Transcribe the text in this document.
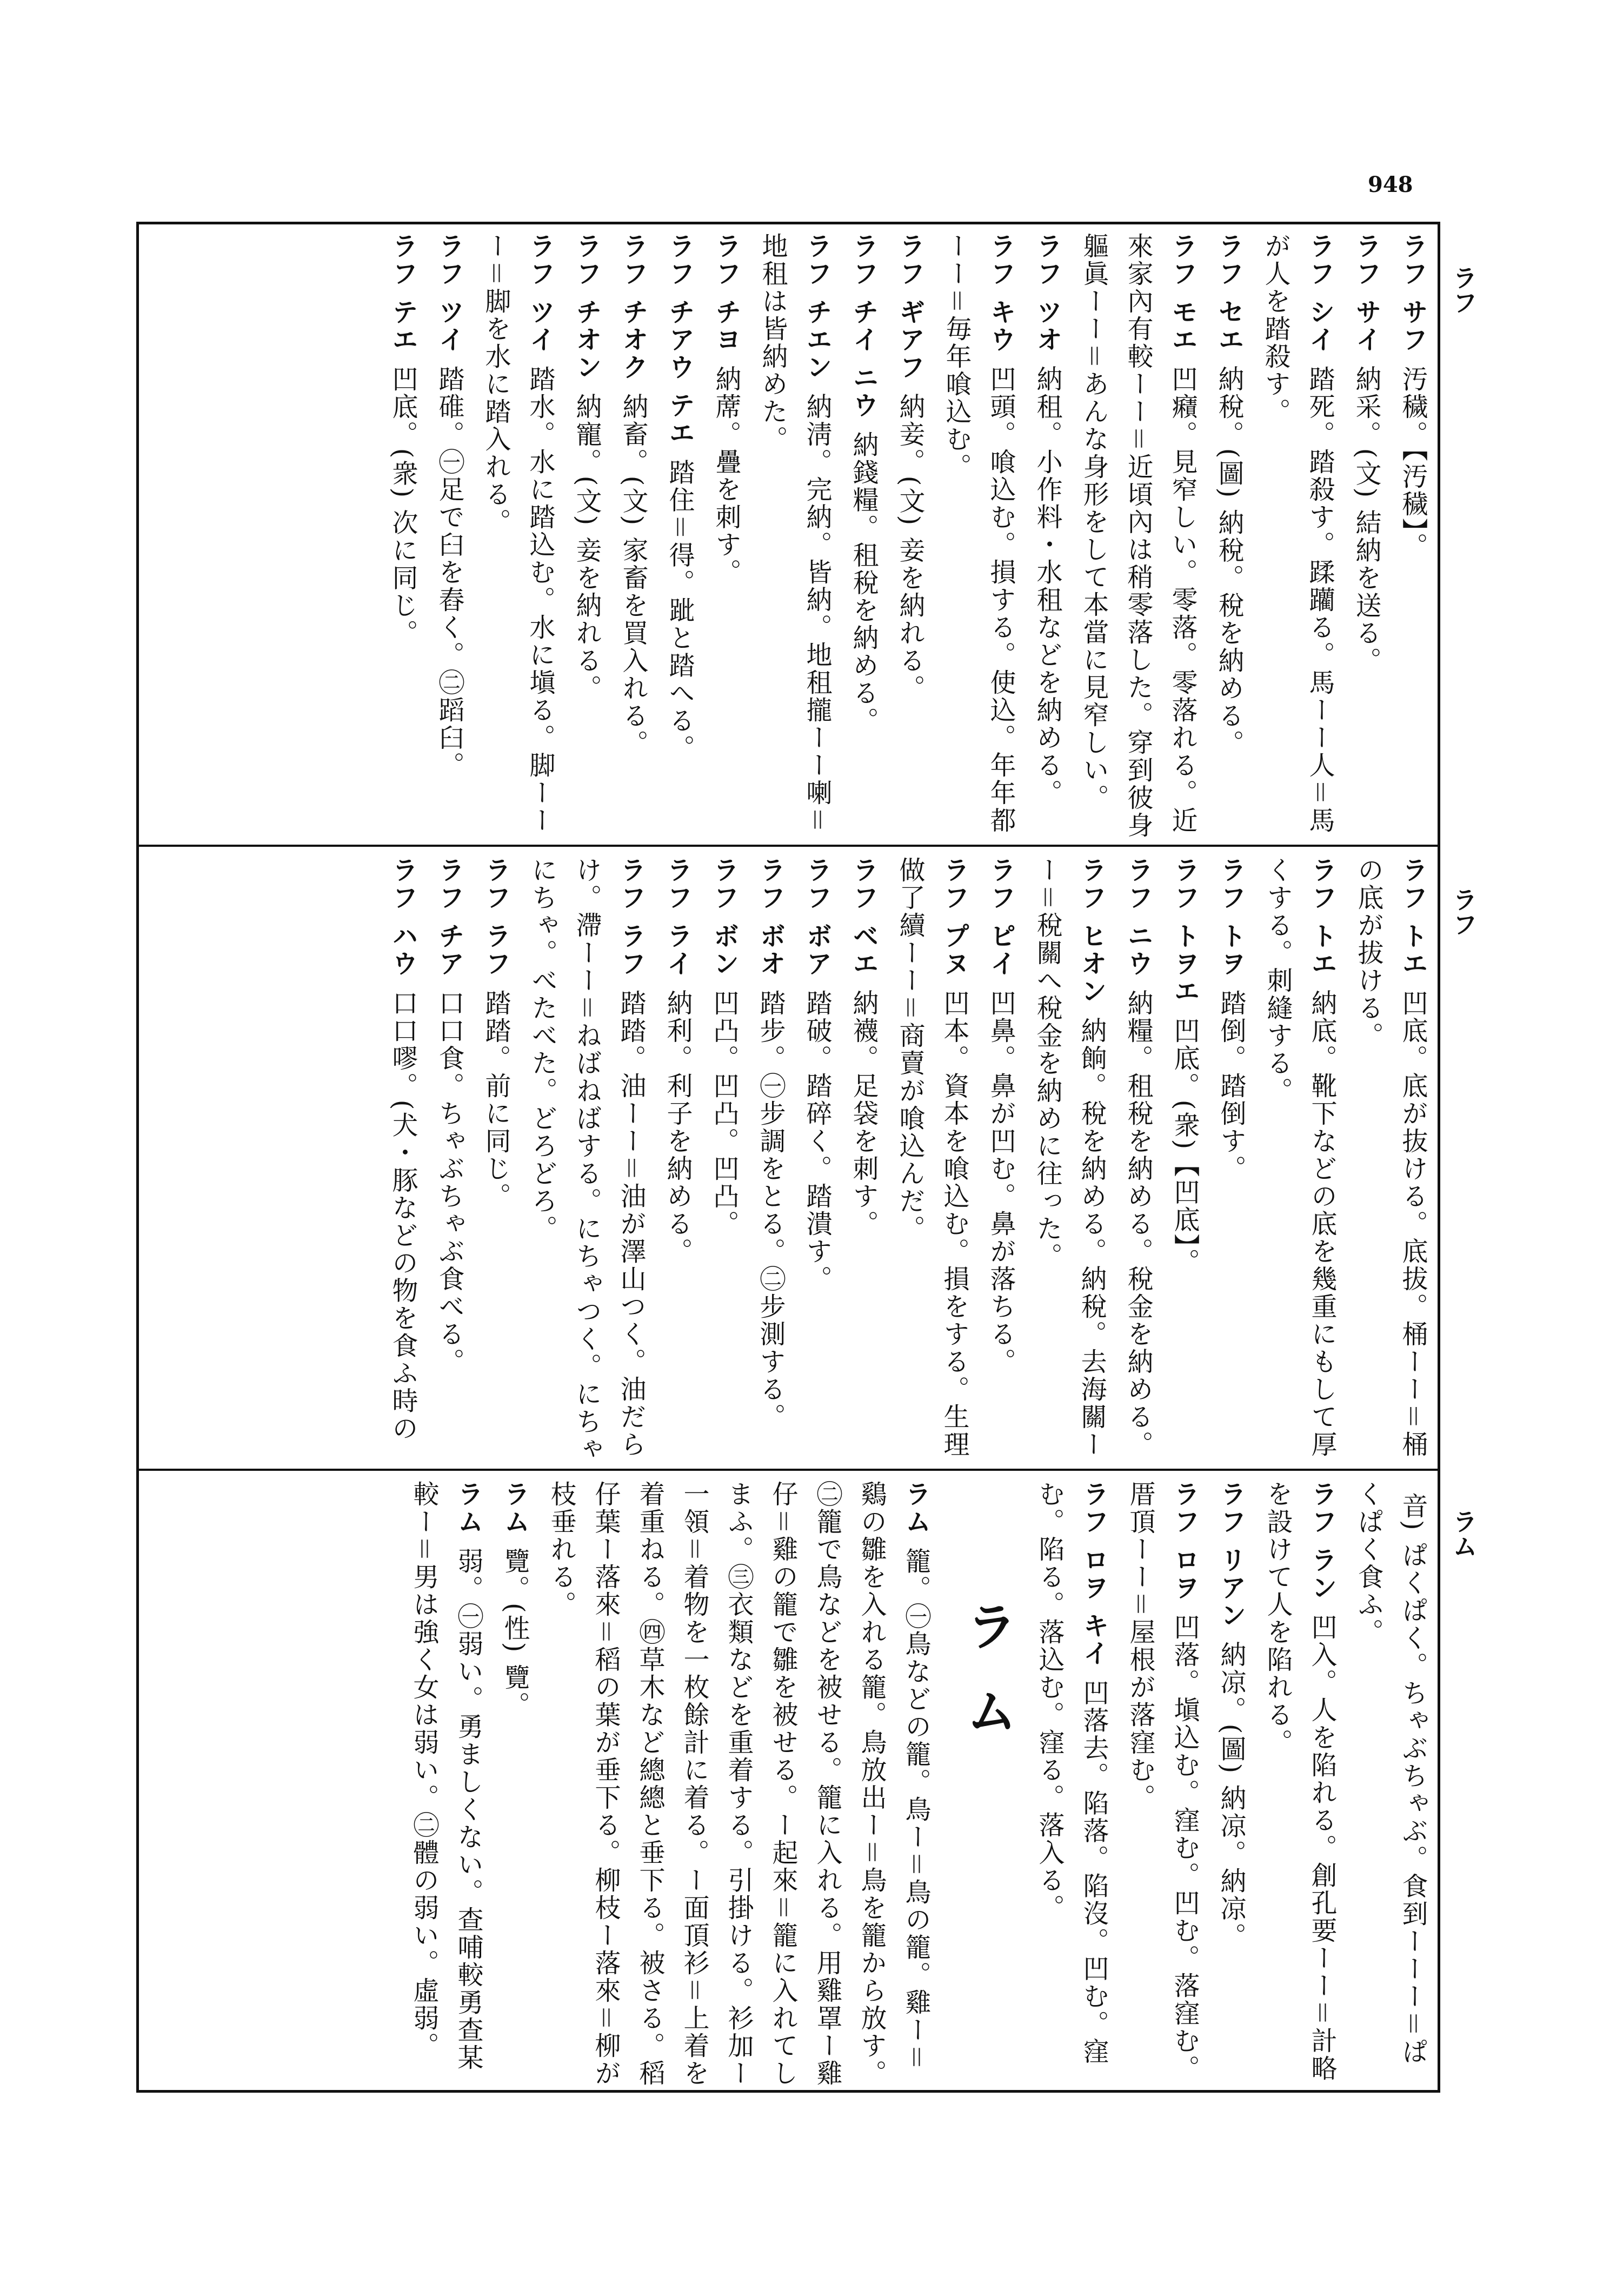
948
ラフ
ラフ
ラム
ラフ サフ汚穢。【汚穢】。
ラフ サイ納采。(文) 結納を送る。
ラフ シイ踏死。踏殺す。蹂躪る。馬ーー人＝馬が人を踏殺す。
ラフ セエ納稅。(圖) 納稅。稅を納める。
ラフ モエ凹癪。見窄しい。零落。零落れる。近來家內有較ーー＝近頃內は稍零落した。穿到彼身軀眞ーー＝あんな身形をして本當に見窄しい。
ラフ ツオ納租。小作料・水租などを納める。
ラフ キウ凹頭。喰込む。損する。使込。年年都ーー＝毎年喰込む。
ラフ ギアフ納妾。(文) 妾を納れる。
ラフ チイ ニウ納錢糧。租稅を納める。
ラフ チエン納淸。完納。皆納。地租攏ーー喇＝地租は皆納めた。
ラフ チヨ納蓆。疊を刺す。
ラフ チアウ テエ踏住＝得。跐と踏へる。
ラフ チオク納畜。(文) 家畜を買入れる。
ラフ チオン納寵。(文) 妾を納れる。
ラフ ツイ踏水。水に踏込む。水に塡る。脚ーーー＝脚を水に踏入れる。
ラフ ツイ踏碓。㊀足で臼を舂く。㊁蹈臼。
ラフ テエ凹底。(衆) 次に同じ。
ラフ トエ凹底。底が抜ける。底拔。桶ーー＝桶の底が拔ける。
ラフ トエ納底。靴下などの底を幾重にもして厚くする。刺縫する。
ラフ トヲ踏倒。踏倒す。
ラフ トヲエ凹底。(衆)【凹底】。
ラフ ニウ納糧。租稅を納める。稅金を納める。
ラフ ヒオン納餉。稅を納める。納稅。去海關ーー＝稅關へ稅金を納めに往った。
ラフ ピイ凹鼻。鼻が凹む。鼻が落ちる。
ラフ プヌ凹本。資本を喰込む。損をする。生理做了續ーー＝商賣が喰込んだ。
ラフ ベエ納襪。足袋を刺す。
ラフ ボア踏破。踏碎く。踏潰す。
ラフ ボオ踏步。㊀步調をとる。㊁步測する。
ラフ ボン凹凸。凹凸。凹凸。
ラフ ライ納利。利子を納める。
ラフ ラフ踏踏。油ーー＝油が澤山つく。油だらけ。滯ーー＝ねばねばする。にちゃつく。にちゃにちゃ。べたべた。どろどろ。
ラフ ラフ踏踏。前に同じ。
ラフ チア口口食。ちゃぶちゃぶ食べる。
ラフ ハウ口口嘐。(犬・豚などの物を食ふ時の
音) ぱくぱく。ちゃぶちゃぶ。食到ーーー＝ぱくぱく食ふ。
ラフ ラン凹入。人を陷れる。創孔要ーー＝計略を設けて人を陷れる。
ラフ リアン納凉。(圖) 納凉。納凉。
ラフ ロヲ凹落。塡込む。窪む。凹む。落窪む。厝頂ーー＝屋根が落窪む。
ラフ ロヲ キイ凹落去。陷落。陷沒。凹む。窪む。陷る。落込む。窪る。落入る。
ラム
ラム籠。㊀鳥などの籠。鳥ー＝鳥の籠。雞ー＝鷄の雛を入れる籠。鳥放出ー＝鳥を籠から放す。㊁籠で鳥などを被せる。籠に入れる。用雞罩ー雞仔＝雞の籠で雛を被せる。ー起來＝籠に入れてしまふ。㊂衣類などを重着する。引掛ける。衫加ー一領＝着物を一枚餘計に着る。ー面頂衫＝上着を着重ねる。㊃草木など總總と垂下る。被さる。稻仔葉ー落來＝稻の葉が垂下る。柳枝ー落來＝柳が枝垂れる。
ラム覽。(性) 覽。
ラム弱。㊀弱い。勇ましくない。查哺較勇查某較ー＝男は強く女は弱い。㊁體の弱い。虛弱。
